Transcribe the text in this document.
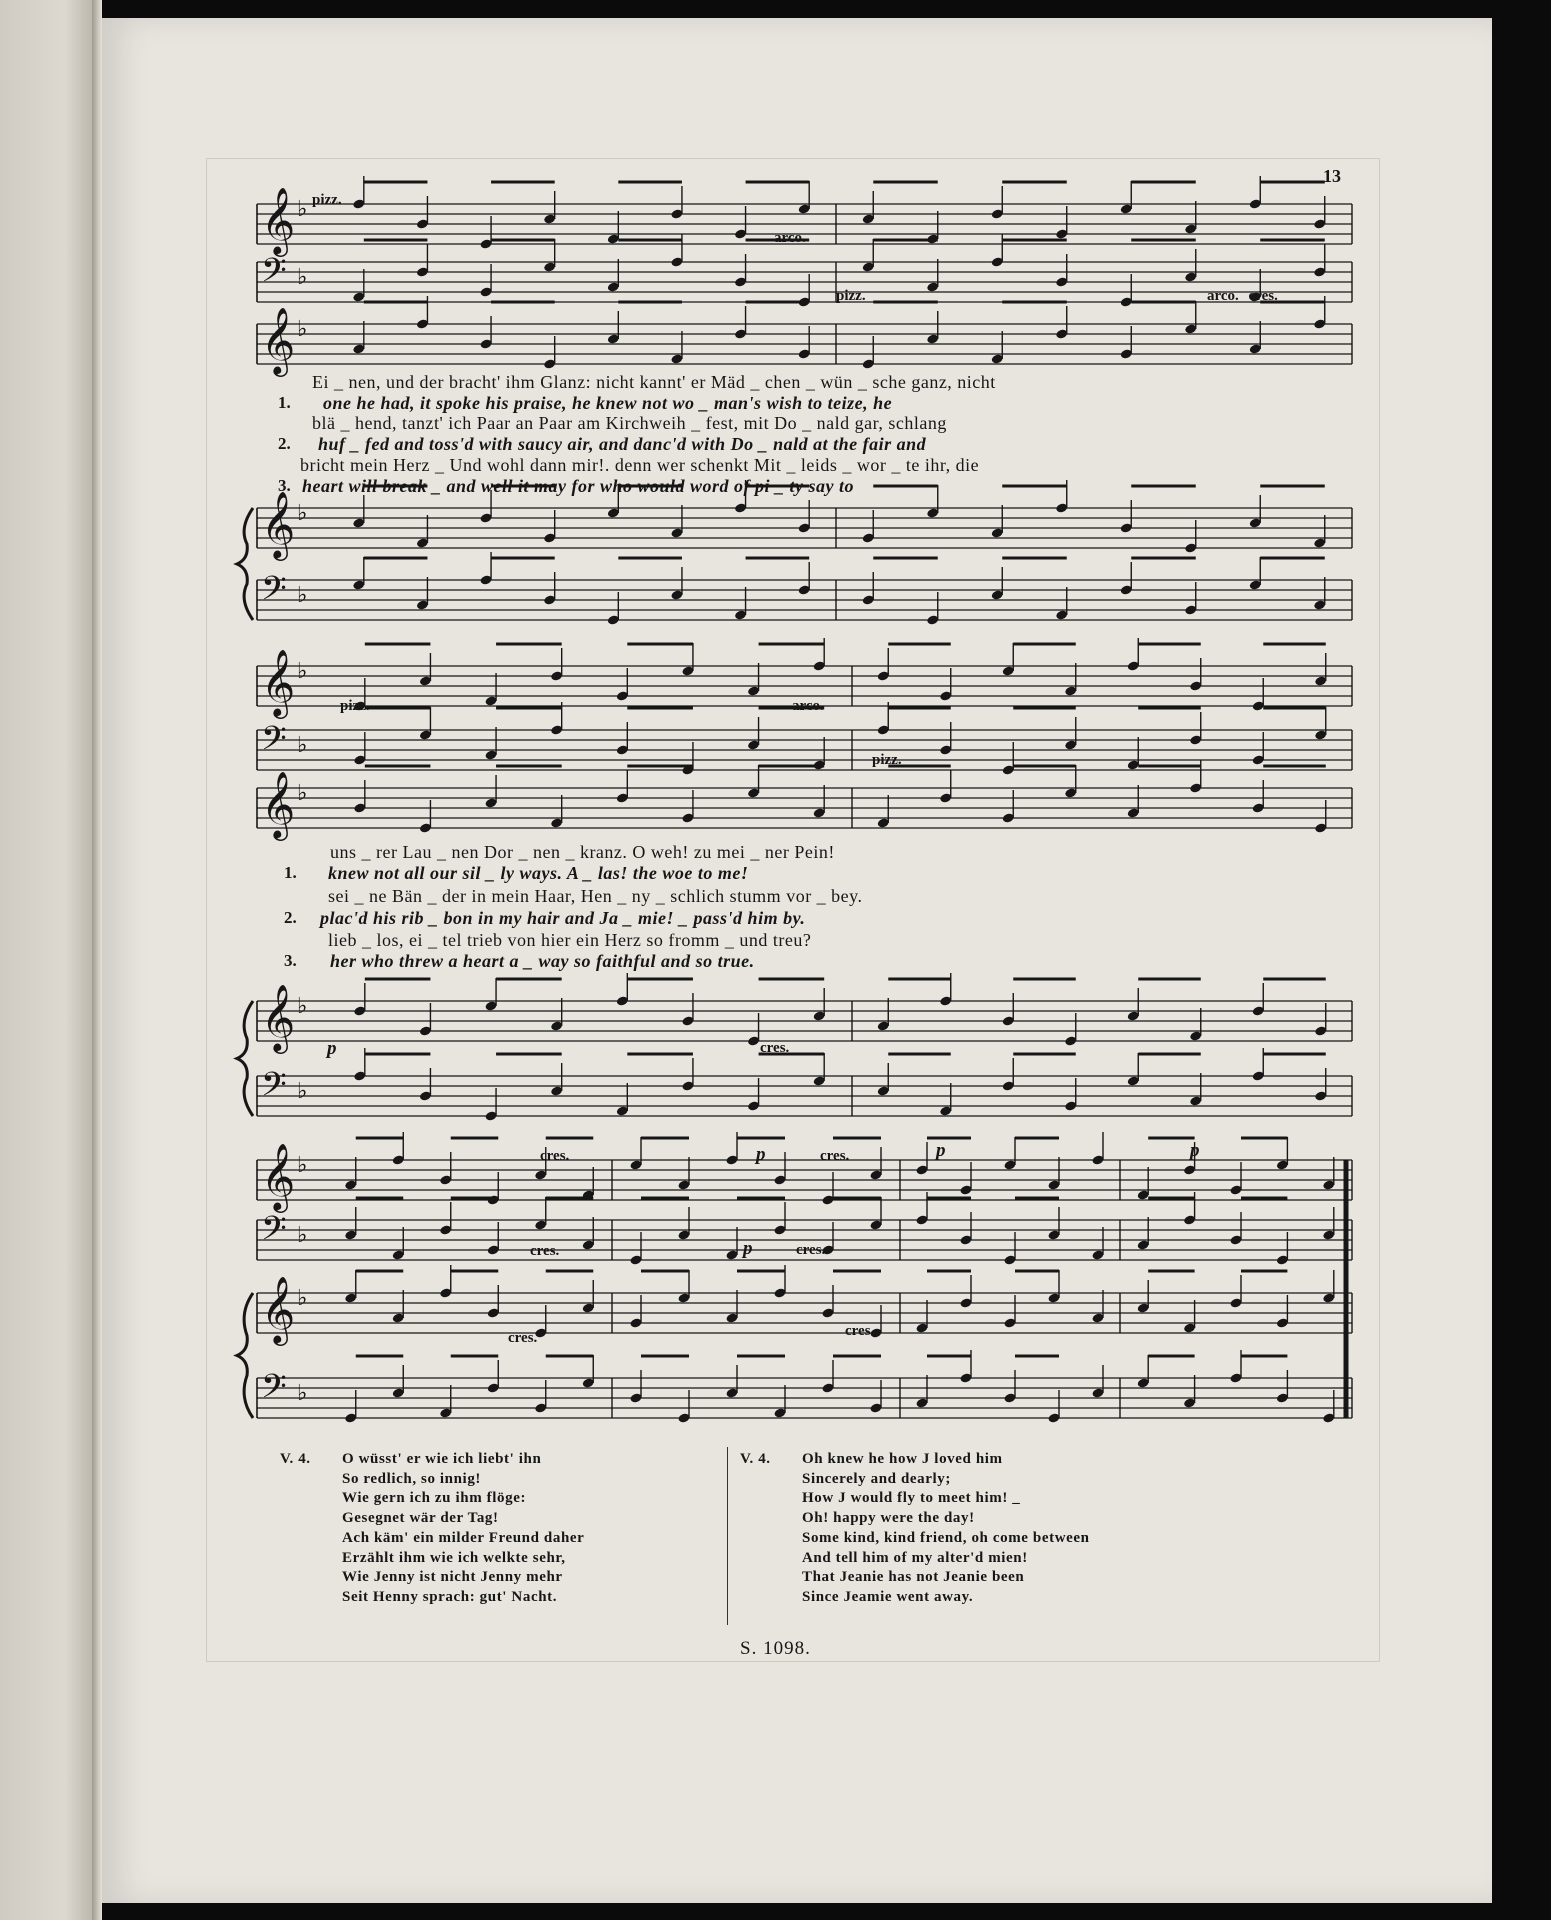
𝄞 ♭
𝄢 ♭
𝄞 ♭
𝄞 ♭
𝄢 ♭
𝄞 ♭
𝄢 ♭
𝄞 ♭
𝄞 ♭
𝄢 ♭
𝄞 ♭
𝄢 ♭
𝄞 ♭
𝄢 ♭
13
pizz.
arco.
pizz.	arco. cres.
Ei _ nen, und der bracht' ihm Glanz: nicht kannt' er Mäd _ chen _ wün _ sche ganz, nicht
1. one he had, it spoke his praise, he knew not wo _ man's wish to teize, he
blä _ hend, tanzt' ich Paar an Paar am Kirchweih _ fest, mit Do _ nald gar, schlang
2. huf _ fed and toss'd with saucy air, and danc'd with Do _ nald at the fair and
bricht mein Herz _ Und wohl dann mir!. denn wer schenkt Mit _ leids _ wor _ te ihr, die
3. heart will break _ and well it may for who would word of pi _ ty say to
pizz.	arco.
pizz.
uns _ rer Lau _ nen Dor _ nen _ kranz. O weh! zu mei _ ner Pein!
1. knew not all our sil _ ly ways. A _ las! the woe to me!
sei _ ne Bän _ der in mein Haar, Hen _ ny _ schlich stumm vor _ bey.
2. plac'd his rib _ bon in my hair and Ja _ mie! _ pass'd him by.
lieb _ los, ei _ tel trieb von hier ein Herz so fromm _ und treu?
3. her who threw a heart a _ way so faithful and so true.
p	cres.
cres.	p	cres.	p	p
cres.	p	cres.
cres.	cres.
V. 4. O wüsst' er wie ich liebt' ihn
So redlich, so innig!
Wie gern ich zu ihm flöge:
Gesegnet wär der Tag!
Ach käm' ein milder Freund daher
Erzählt ihm wie ich welkte sehr,
Wie Jenny ist nicht Jenny mehr
Seit Henny sprach: gut' Nacht.
V. 4. Oh knew he how J loved him
Sincerely and dearly;
How J would fly to meet him! _
Oh! happy were the day!
Some kind, kind friend, oh come between
And tell him of my alter'd mien!
That Jeanie has not Jeanie been
Since Jeamie went away.
S. 1098.
